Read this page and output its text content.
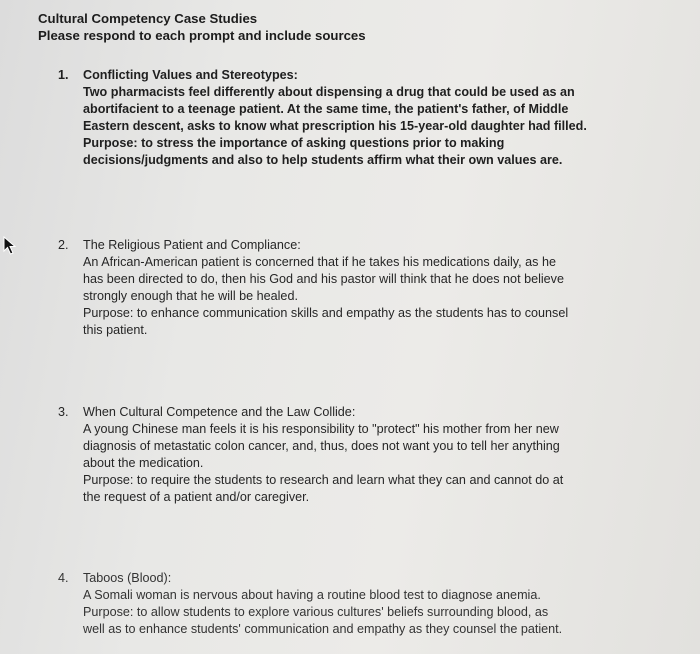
Cultural Competency Case Studies
Please respond to each prompt and include sources
1.	Conflicting Values and Stereotypes:
Two pharmacists feel differently about dispensing a drug that could be used as an
abortifacient to a teenage patient. At the same time, the patient's father, of Middle
Eastern descent, asks to know what prescription his 15-year-old daughter had filled.
Purpose: to stress the importance of asking questions prior to making
decisions/judgments and also to help students affirm what their own values are.
2.	The Religious Patient and Compliance:
An African-American patient is concerned that if he takes his medications daily, as he
has been directed to do, then his God and his pastor will think that he does not believe
strongly enough that he will be healed.
Purpose: to enhance communication skills and empathy as the students has to counsel
this patient.
3.	When Cultural Competence and the Law Collide:
A young Chinese man feels it is his responsibility to "protect" his mother from her new
diagnosis of metastatic colon cancer, and, thus, does not want you to tell her anything
about the medication.
Purpose: to require the students to research and learn what they can and cannot do at
the request of a patient and/or caregiver.
4.	Taboos (Blood):
A Somali woman is nervous about having a routine blood test to diagnose anemia.
Purpose: to allow students to explore various cultures' beliefs surrounding blood, as
well as to enhance students' communication and empathy as they counsel the patient.
